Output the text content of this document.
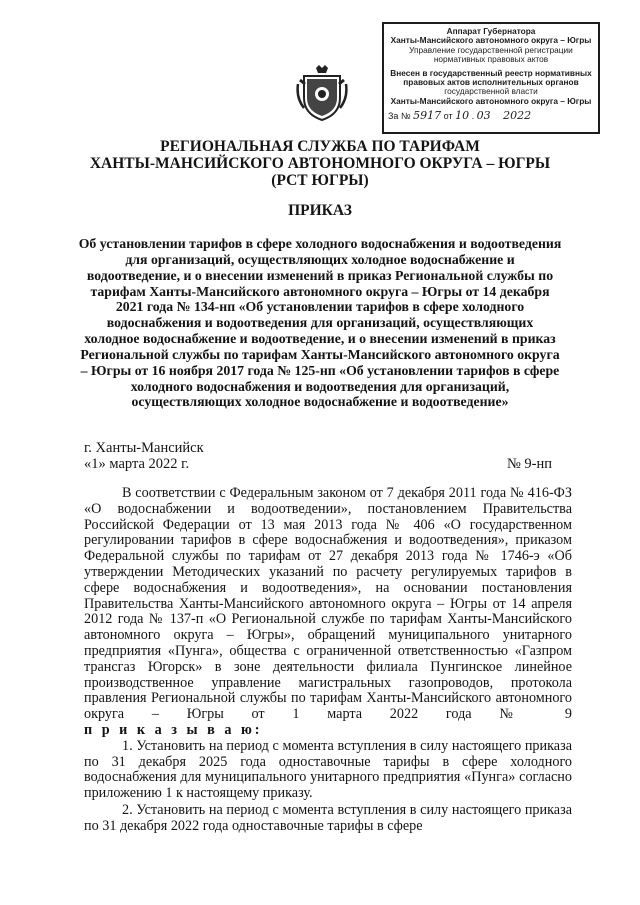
Аппарат Губернатора
Ханты-Мансийского автономного округа – Югры
Управление государственной регистрации
нормативных правовых актов
Внесен в государственный реестр нормативных
правовых актов исполнительных органов
государственной власти
Ханты-Мансийского автономного округа – Югры
За № 5917 от 10 . 03 2022
РЕГИОНАЛЬНАЯ СЛУЖБА ПО ТАРИФАМ
ХАНТЫ-МАНСИЙСКОГО АВТОНОМНОГО ОКРУГА – ЮГРЫ
(РСТ ЮГРЫ)
ПРИКАЗ
Об установлении тарифов в сфере холодного водоснабжения и водоотведения для организаций, осуществляющих холодное водоснабжение и водоотведение, и о внесении изменений в приказ Региональной службы по тарифам Ханты-Мансийского автономного округа – Югры от 14 декабря 2021 года № 134-нп «Об установлении тарифов в сфере холодного водоснабжения и водоотведения для организаций, осуществляющих холодное водоснабжение и водоотведение, и о внесении изменений в приказ Региональной службы по тарифам Ханты-Мансийского автономного округа – Югры от 16 ноября 2017 года № 125-нп «Об установлении тарифов в сфере холодного водоснабжения и водоотведения для организаций, осуществляющих холодное водоснабжение и водоотведение»
г. Ханты-Мансийск
«1» марта 2022 г.	№ 9-нп

В соответствии с Федеральным законом от 7 декабря 2011 года № 416-ФЗ «О водоснабжении и водоотведении», постановлением Правительства Российской Федерации от 13 мая 2013 года № 406 «О государственном регулировании тарифов в сфере водоснабжения и водоотведения», приказом Федеральной службы по тарифам от 27 декабря 2013 года № 1746-э «Об утверждении Методических указаний по расчету регулируемых тарифов в сфере водоснабжения и водоотведения», на основании постановления Правительства Ханты-Мансийского автономного округа – Югры от 14 апреля 2012 года № 137-п «О Региональной службе по тарифам Ханты-Мансийского автономного округа – Югры», обращений муниципального унитарного предприятия «Пунга», общества с ограниченной ответственностью «Газпром трансгаз Югорск» в зоне деятельности филиала Пунгинское линейное производственное управление магистральных газопроводов, протокола правления Региональной службы по тарифам Ханты-Мансийского автономного округа – Югры от 1 марта 2022 года № 9

п р и к а з ы в а ю:

1. Установить на период с момента вступления в силу настоящего приказа по 31 декабря 2025 года одноставочные тарифы в сфере холодного водоснабжения для муниципального унитарного предприятия «Пунга» согласно приложению 1 к настоящему приказу.

2. Установить на период с момента вступления в силу настоящего приказа по 31 декабря 2022 года одноставочные тарифы в сфере
